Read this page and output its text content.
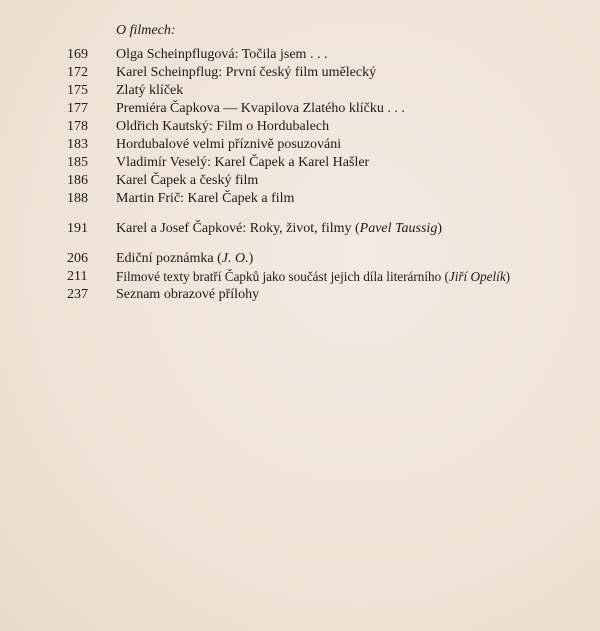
O filmech:
169	Olga Scheinpflugová: Točila jsem . . .
172	Karel Scheinpflug: První český film umělecký
175	Zlatý klíček
177	Premiéra Čapkova — Kvapilova Zlatého klíčku . . .
178	Oldřich Kautský: Film o Hordubalech
183	Hordubalové velmi příznivě posuzováni
185	Vladimír Veselý: Karel Čapek a Karel Hašler
186	Karel Čapek a český film
188	Martin Frič: Karel Čapek a film
191	Karel a Josef Čapkové: Roky, život, filmy (Pavel Taussig)
206	Ediční poznámka (J. O.)
211	Filmové texty bratří Čapků jako součást jejich díla literárního (Jiří Opelík)
237	Seznam obrazové přílohy
